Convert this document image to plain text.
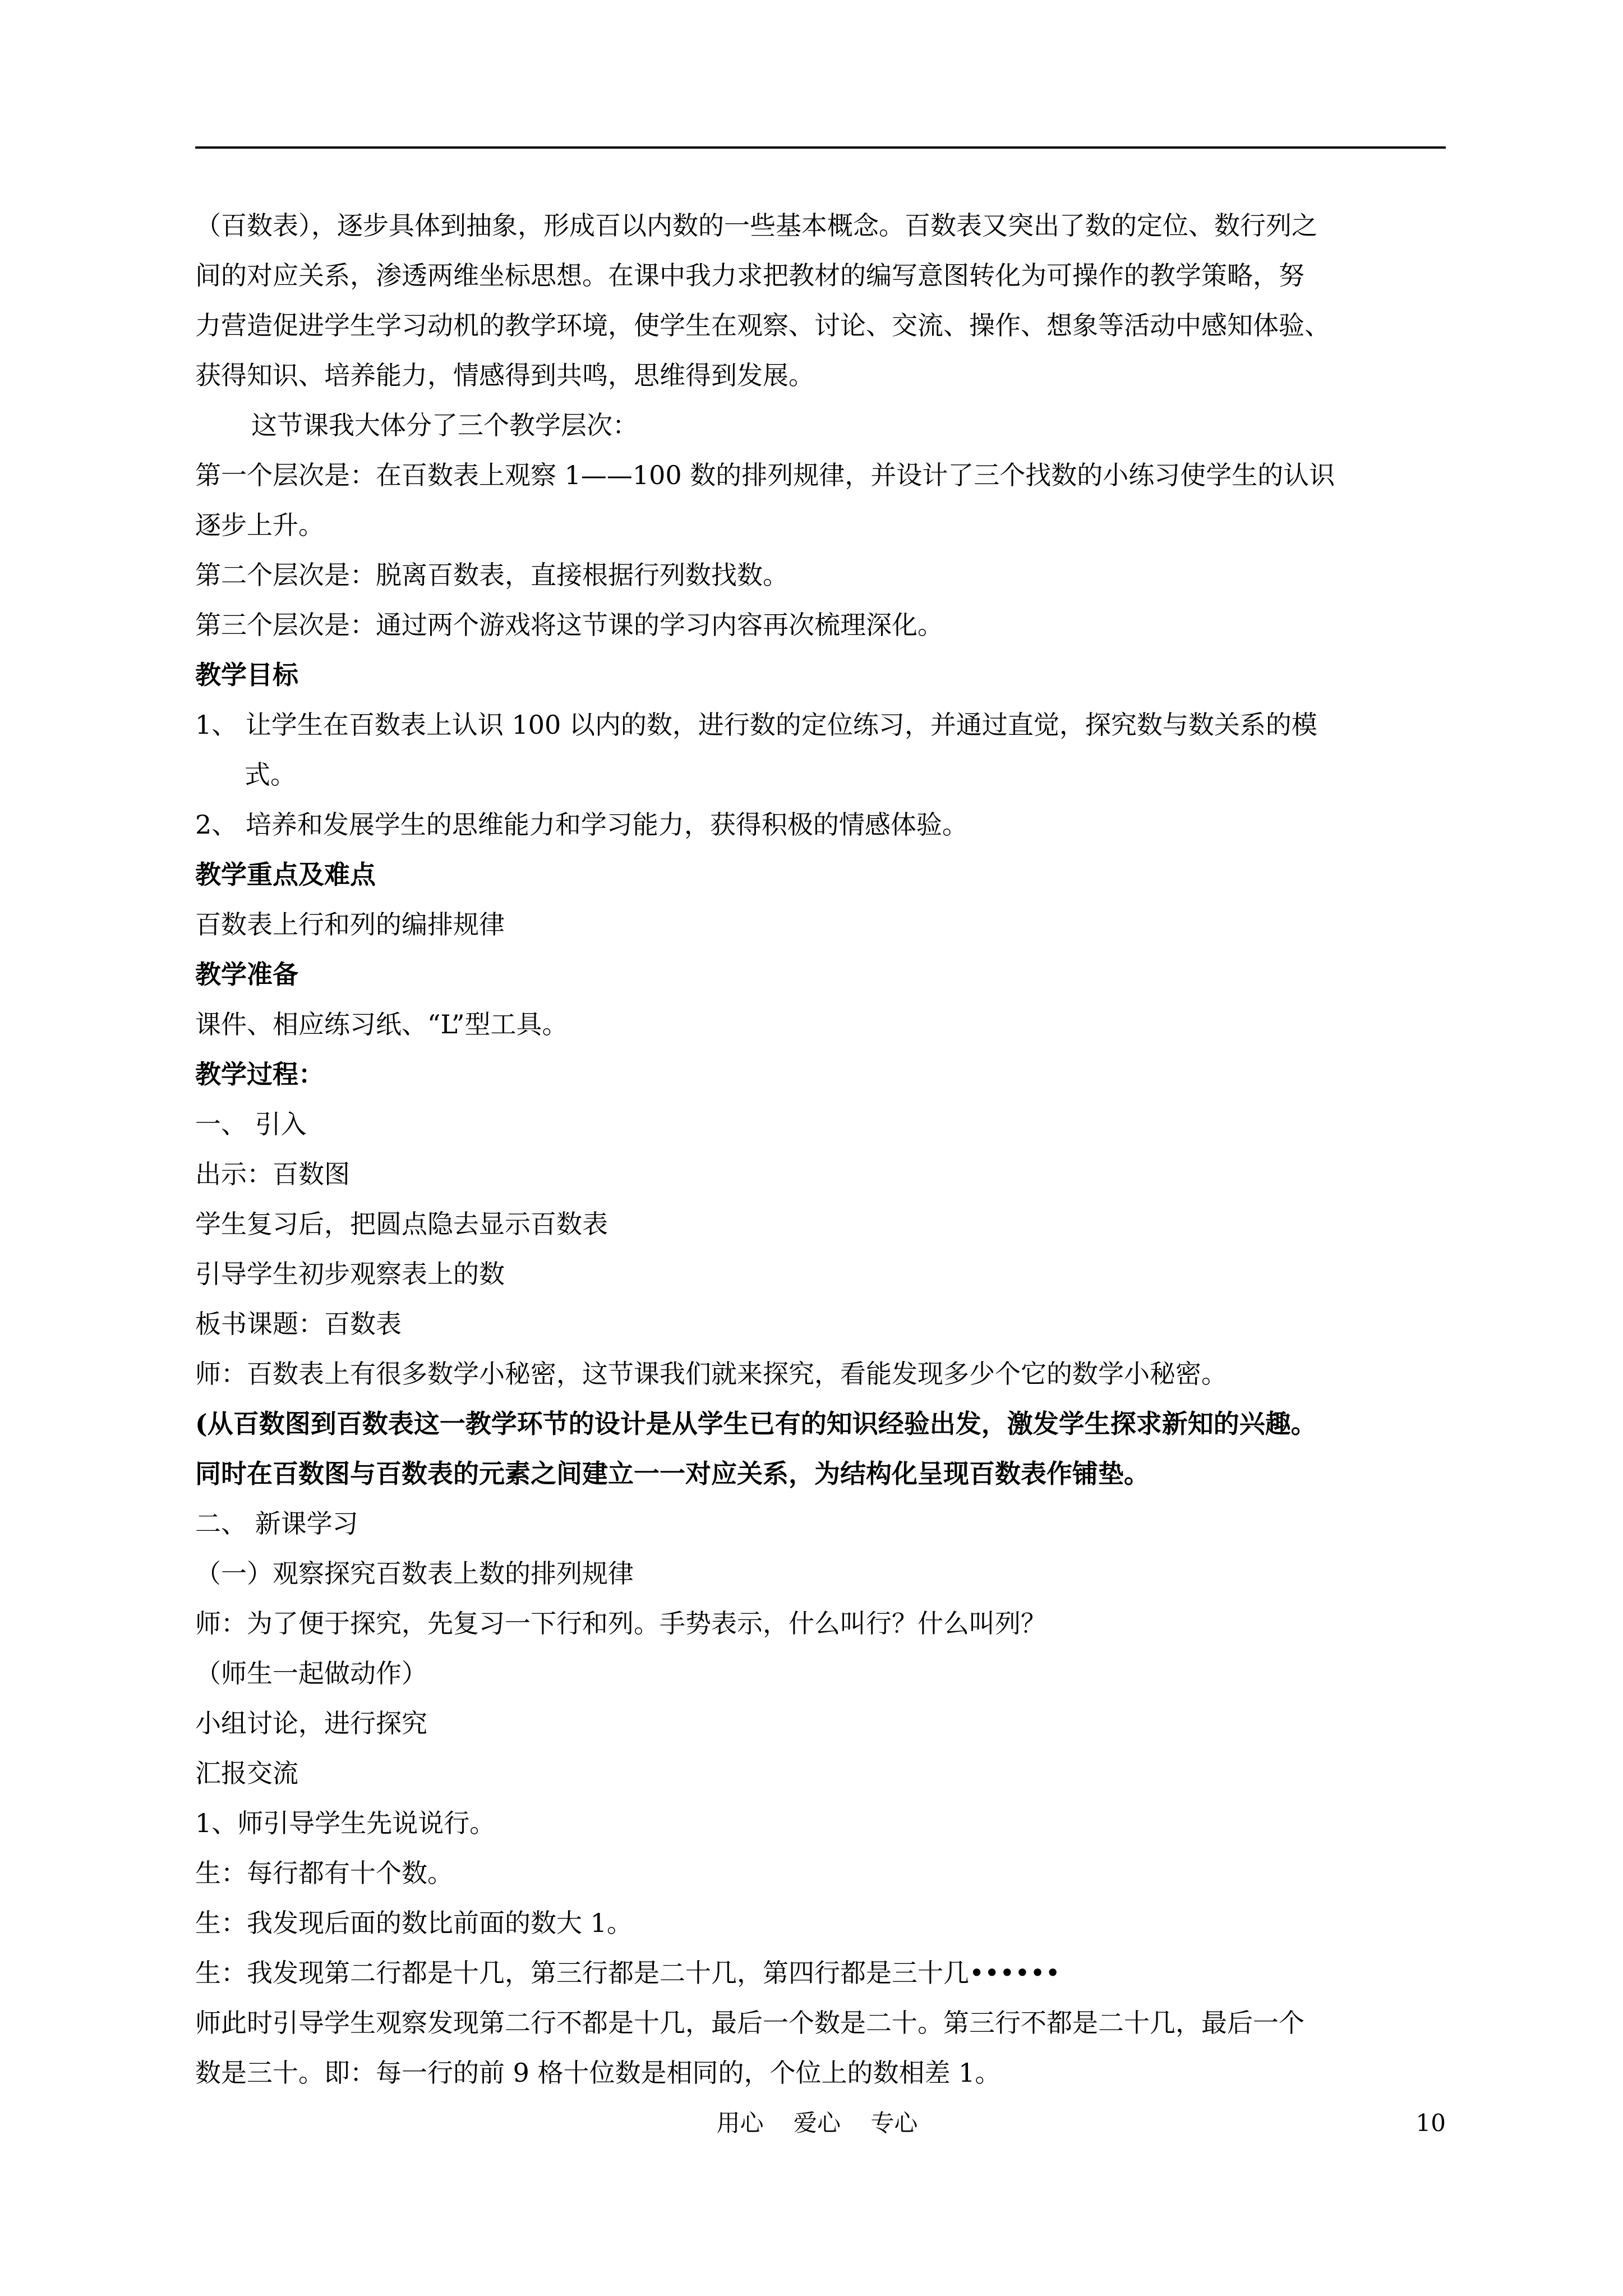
（百数表），逐步具体到抽象，形成百以内数的一些基本概念。百数表又突出了数的定位、数行列之
间的对应关系，渗透两维坐标思想。在课中我力求把教材的编写意图转化为可操作的教学策略，努
力营造促进学生学习动机的教学环境，使学生在观察、讨论、交流、操作、想象等活动中感知体验、
获得知识、培养能力，情感得到共鸣，思维得到发展。
这节课我大体分了三个教学层次：
第一个层次是：在百数表上观察 1——100 数的排列规律，并设计了三个找数的小练习使学生的认识
逐步上升。
第二个层次是：脱离百数表，直接根据行列数找数。
第三个层次是：通过两个游戏将这节课的学习内容再次梳理深化。
教学目标
1、 让学生在百数表上认识 100 以内的数，进行数的定位练习，并通过直觉，探究数与数关系的模
式。
2、 培养和发展学生的思维能力和学习能力，获得积极的情感体验。
教学重点及难点
百数表上行和列的编排规律
教学准备
课件、相应练习纸、“L”型工具。
教学过程：
一、 引入
出示：百数图
学生复习后，把圆点隐去显示百数表
引导学生初步观察表上的数
板书课题：百数表
师：百数表上有很多数学小秘密，这节课我们就来探究，看能发现多少个它的数学小秘密。
(从百数图到百数表这一教学环节的设计是从学生已有的知识经验出发，激发学生探求新知的兴趣。
同时在百数图与百数表的元素之间建立一一对应关系，为结构化呈现百数表作铺垫。
二、 新课学习
（一）观察探究百数表上数的排列规律
师：为了便于探究，先复习一下行和列。手势表示，什么叫行？什么叫列？
（师生一起做动作）
小组讨论，进行探究
汇报交流
1、师引导学生先说说行。
生：每行都有十个数。
生：我发现后面的数比前面的数大 1。
生：我发现第二行都是十几，第三行都是二十几，第四行都是三十几••••••
师此时引导学生观察发现第二行不都是十几，最后一个数是二十。第三行不都是二十几，最后一个
数是三十。即：每一行的前 9 格十位数是相同的，个位上的数相差 1。
用心 爱心 专心	10
